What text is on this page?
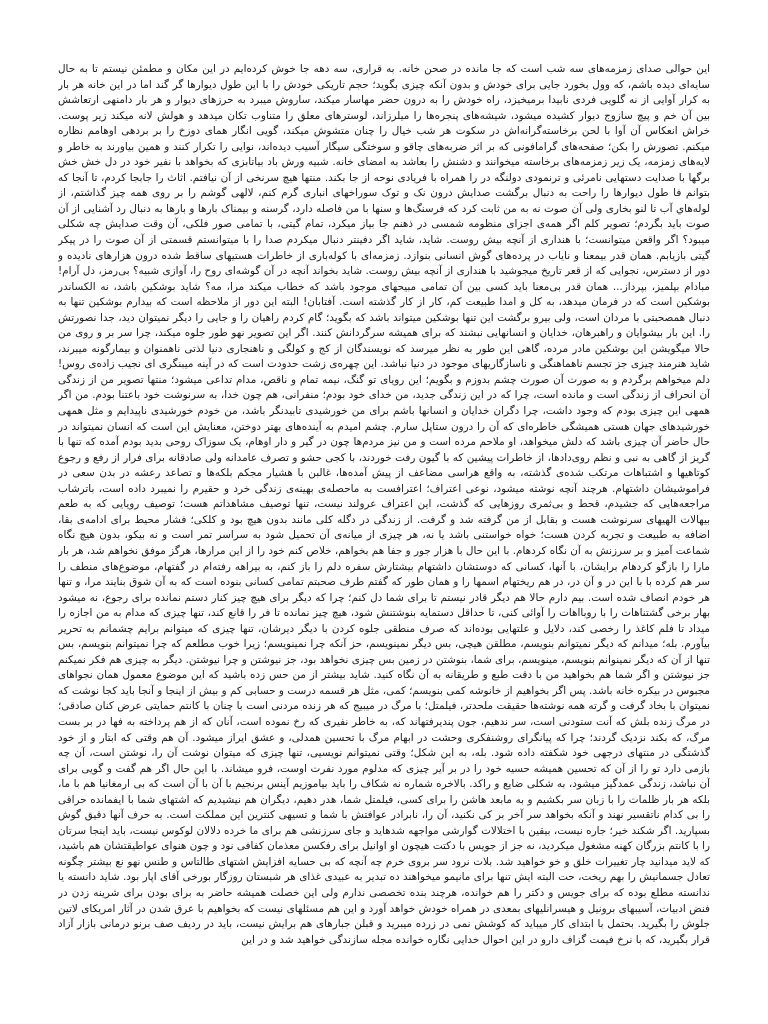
این حوالی صدای زمزمه‌های سه شب است که جا مانده در صحن خانه. به قراری، سه دهه جا خوش کرده‌ایم در این مکان و مطمئن نیستم تا به حال سایه‌ای دیده باشم، که وول بخورد جایی برای خودش و بدون آنکه چیزی بگوید؛ حجم تاریکی خودش را با این طول دیوارها گر گند اما در این خانه هر بار به کرار آوایی از نه گلویی فردی نابیدا برمیخیزد، راه خودش را به درون حضر مهاسار میکند، ساروش میبرد به حرزهای دیوار و هر بار دامنهی ارتعاشش بین آن خم و پیچ سازوج دیوار کشیده میشود، شیشه‌های پنجره‌ها را میلرزاند، لوسترهای معلق را متناوب تکان میدهد و هولش لانه میکند زیر پوست. خراش انعکاس آن آوا با لحن برخاسته‌گرانه‌اش در سکوت هر شب خیال را چنان متشوش میکند، گویی انگار همای دوزخ را بر بردهی اوهامم نظاره میکنم. تصورش را بکن؛ صفحه‌های گرامافونی که بر اثر ضربه‌های چاقو و سوختگی سیگار آسیب دیده‌اند، نوایی را تکرار کنند و همین بیاورند به خاطر و لایه‌های زمزمه، یک زیر زمزمه‌های برخاسته میخوانند و دشنش را بعاشد به امضای خانه. شبیه ورش باد بیاتابزی که بخواهد با نفیر خود در دل خش خش برگها با صدایت دستهایی نامرئی و ترنمودی دولنگه در را همراه با فریادی نوحه از جا بکند. منتها هیچ سرنخی از آن نیافتم. اثاث را جابجا کردم، تا آنجا که بتوانم فا طول دیوارها را راحت به دنبال برگشت صدایش درون نک و توک سوراخهای انباری گرم کنم، لالهی گوشم را بر روی همه چیز گذاشتم، از لوله‌هاي آب تا لنو بخاری ولی آن صوت نه به من ثابت کرد که فرسنگ‌ها و سنها با من فاصله دارد، گرسنه و بیمناک بارها و بارها به دنبال رد آشنایی از آن صوت باید بگردم؛ تصویر کلم اگر همه‌ی اجزای منظومه شمسی در ذهنم جا بیاز میکرد، تمام گیتی، با تمامی صور فلکی، آن وقت صدایش چه شکلی میبود؟ اگر واقعن میتوانست؛ با هنداری از آنچه بیش روست. شاید، شاید اگر دفینتر دنبال میکردم صدا را با میتوانستم قسمتی از آن صوت را در پیکر گیتی بازیابم. همان قدر بیمعنا و نایاب در پرده‌های گوش انسانی بنوازد. زمزمه‌ای با کوله‌باری از خاطرات هستیهای ساقط شده درون هزارهای نادیده و دور از دسترس، نجوایی که از قعر تاریخ میجوشید با هنداری از آنچه بیش روست. شاید بخواند آنچه در آن گوشه‌ای روح را، آوازی شبیه؟ بی‌رمز، دل آرام! مبادام بپلمیز، بپرداز... همان قدر بی‌معنا باید کسی بین آن تمامی مبیحهای موجود باشد که خطاب میکند مرا، مه؟ شاید بوشکین باشد، نه الکساندر بوشکین است که در فرمان میدهد، به کل و امدا طبیعت کم، کار از کار گذشته است. آفتابان! البته این دور از ملاحظه است که بیدارم بوشکین تنها به دنبال همصحبتی با مردان است، ولی بیرو برگشت این تنها بوشکین میتواند باشد که بگوید؛ گام کردم راهیان را و جایی را دیگر نمیتوان دید، جدا نصورتش را. این بار بیشوایان و راهبرهان، خدایان و انسانهایی نبشند که برای همیشه سرگردانش کنند. اگر این تصویر نهو طور جلوه میکند، چرا سر بر و روی من حالا میگویشن این بوشکین مادر مرده، گاهی این طور به نظر میرسد که نویسندگان از کج و کولگی و ناهنجاری دنیا لذتی ناهمنوان و بیمارگونه میبرند، شاید هنرمند چیزی جز تجسم ناهماهنگی و ناسازگاریهای موجود در دنیا نباشد. این چهره‌ی زشت حدودت است که در آینه میبنگری ای نجیب زاده‌ی روس! دلم میخواهم برگردم و به صورت آن صورت چشم بدوزم و بگویم؛ این رویای تو گنگ، نیمه تمام و ناقص، مدام تداعی میشود؛ منتها تصویر من از زندگی آن انحراف از زندگی است و مانده است، چرا که در این زندگی جدید، من خدای خود بودم؛ منفرانی، هم چون خدا، به سرنوشت خود باعتنا بودم. من اگر همهی این چیزی بودم که وجود داشت، چرا دگران خدایان و انسانها باشم برای من خورشیدی تابیدنگر باشد، من خودم خورشیدی ناپیدایم و مثل همهی خورشیدهای جهان هستی همیشگی خاطره‌ای که آن را درون ستاپل سارم. چشم امیدم به آینده‌های بهتر دوختن، معنایش این است که انسان نمیتواند در حال حاضر آن چیزی باشد که دلش میخواهد، او ملاحم مرده است و من نیز مردم‌ها چون در گیر و دار اوهام، یک سوزاک روحی بدید بودم آمده که تنها با گریز از گاهی به نبی و نظم روی‌دادها، از خاطرات پیشین که با گیون رفت خوردند، با کجی حشو و تصرف عامدانه ولی صادقانه برای فرار از رفع و رجوع کوتاهیها و اشتباهات مرتکب شده‌ی گذشته، به واقع هراسی مضاعف از پیش آمده‌ها، غالبن با هشیار مجکم بلکه‌ها و تصاعد رعشه در بدن سعی در فراموشیشان داشتهام. هرچند آنچه نوشته میشود، نوعی اعتراف؛ اعترافست به ماحصله‌ی بهینه‌ی زندگی خرد و حقیرم را نمیبرد داده است، باترشاب مراجعه‌هایی که جشیدم، قحط و بی‌ثمری روزهایی که گذشت، این اعتراف عرولند نیست، تنها توصیف مشاهداتم هست؛ توصیف رویایی که به طعم بیهالات الهیهای سرنوشت هست و بقابل از من گرفته شد و گرفت. از زندگی در دگله کلی مانند بدون هیچ بود و کلکی؛ فشار محیط برای ادامه‌ی بقا، اضافه به طبیعت و تجربه کردن هست؛ خواه خواستنی باشد یا نه، هر چیزی از میانه‌ی آن تحمیل شود به سراسر تمر است و نه بیکو، بدون هیچ نگاه شماعت آمیز و بر سرزنش به آن نگاه کردهام. با این حال با هزار جور و جفا هم بخواهم، خلاص کنم خود را از این مرارها، هرگز موفق نخواهم شد، هر بار مارا را بازگو کردهام برایشان، با آنها، کسانی که دوستشان داشتهام بیشتارش سفره دلم را باز کنم، به بیراهه رفته‌ام در گفتهام، موضوع‌های منطف را سر هم کرده با با این در و آن در، در هم ریختهام اسمها را و همان طور که گفتم طرف صحبتم تمامی کسانی بنوده است که به آن شوق بنایند مرا، و تنها هر خودم انصاف شده است. بیم دارم حالا هم دیگر قادر نیستم تا برای شما دل کنم؛ چرا که دیگر برای هیچ چیز کنار دستم نمانده برای رجوع، نه میشود بهار برخی گشتناهات را با روبااهات را آوائی کنی، تا حداقل دستمایه بنوشتنش شود، هیچ چیز نمانده تا فر را قانع کند، تنها چیزی که مدام به من اجازه را میداد تا فلم کاغذ را رخصی کند، دلایل و علتهایی بوده‌اند که صرف منطقی جلوه کردن با دیگر دیرشان، تنها چیزی که میتوانم برایم چشمانم به تحریر بیآورم. بله؛ میدانم که دیگر نمیتوانم بنویسم، مطلقن هیچی، بس دیگر نمینویسم، حز آنکه چرا نمینویسم؛ زیرا خوب مطلعم که چرا نمیتوانم بنویسم، بس تنها از آن که دیگر نمینوانم بنویسم، مینویسم، برای شما، بنوشتن در زمین بس چیزی نخواهد بود، جز نیوشتن و چرا نیوشتن. دیگر به چیزی هم فکر نمیکنم جز نیوشتن و اگر شما هم بخواهید من با دقت طبع و طریقانه به آن نگاه کنید. شاید بیشتر از من حس زده باشید که این موضوع معمول همان نجواهای مجبوس در بیکره خانه باشد. پس اگر بخواهیم از خانوشه کمی بنویسم؛ کمی، مثل هر قسمه درست و حسابی کم و بیش از اینجا و آنجا باید کجا نوشت که نمیتوان با بخاد گرفت و گرته همه نوشته‌ها حقیقت ملحدتر، فیلمتل؛ با مرگ در میبیج که هر زنده مردنی است با چنان با کانتم حمایتی عرض کنان صادقی؛ در مرگ زنده بلش که آنت ستودنی است، سر ندهیم، جون پندیرفتهاند که، به خاطر نفیری که رخ نموده است، آنان که از هم پرداخته به فها در بر بست مرگ، که بکند نزدیک گردند؛ چرا که پیانگرای روشنفکری وحشت در ابهام مرگ با تحسین همدلی، و عشق ایراز میشود. آن هم وقتی که ابتار و از خود گذشتگی در منتهای درجهی خود شکفته داده شود. بله، به این شکل؛ وقتی نمیتوانم نویسیی، تنها چیزی که میتوان نوشت آن را، نوشتن است، آن چه بازمی دارد تو را از آن که تحسین هميشه حسیه خود را در بر آیر چیزی که مدلوم مورد نفرت اوست، فرو میشاند. با این حال اگر هم گفت و گویی برای آن نباشد، زندگی عمدگیز میشود، به شکلی ضایع و راکد. بالاخره شماره نه شکاف را باید بیاموزیم آینس برنجیم با آن با آن است که بی ارمغانیا هم با ما، بلکه هر بار ظلمات را با زبان سر بکشیم و به مابعد هاشن را برای کسی، فیلمتل شما، هدر دهیم، دیگران هم نیشیدیم که اشتهای شما با ایفمانده حراقی را بی کدام ناتقسیر نهند و آنکه بخواهد سر آخر بر کی نکنید، آن را، نابرادر عوافتش با شما و تسیهی کنترین این مملکت است. به حرف آنها دقیق گوش بسپارید. اگر شکند خیر؛ جاره نیست، بیقین با اختلالات گوارشی مواجهه شدهاید و جای سرزنشی هم برای ما خرده دلالان لوکوس نیست، باید اینجا سرتان را با کانتم بزرگان کهنه مشغول میکردید، نه جز از جویس با دکتت هیچون او اوانیل برای رفکسن معذمان کفافی نود و چون هنوای عواطیقتشان هم باشید، که لاید میدانید چار تغییرات خلق و خو خواهید شد. بلات نرود سر بروی خرم چه آنچه که بی حسایه افزایش اشتهای طالتاس و طنس نهو نع بیشتر چگونه تعادل جسمانیش را بهم ریخت، حت البته ایش تنها برای مانیمو میخواهند ده تبدیر به عبیدی غذای هر شبستان روزگار بورخی آقای اپار بود. شاید دانسته یا ندانسته مطلع بوده که برای جویس و دکتر را هم خوانده، هرچند بنده تخصصی ندارم ولی این خصلت همیشه حاضر به برای بودن برای شرینه زدن در فنض ادبیات، آسیبهای برونیل و هیسرانلیهای بمعدی در همراه خودش خواهد آورد و این هم مسئلهای نیست که بخواهیم با عرق شدن در آثار امریکای لاتین جلوش را بگیرید. بحتمل با ابتدای کار میباید که کوشش نمی در زرده میبرید و قبلن جبارهای هم برایش نیست، باید در ردیف صف برنو درمانی بازار آزاد قرار بگیرید، که با نرخ فیمت گزاف دارو در این احوال خدایی نگاره خوانده مجله سازندگی خواهید شد و در این
